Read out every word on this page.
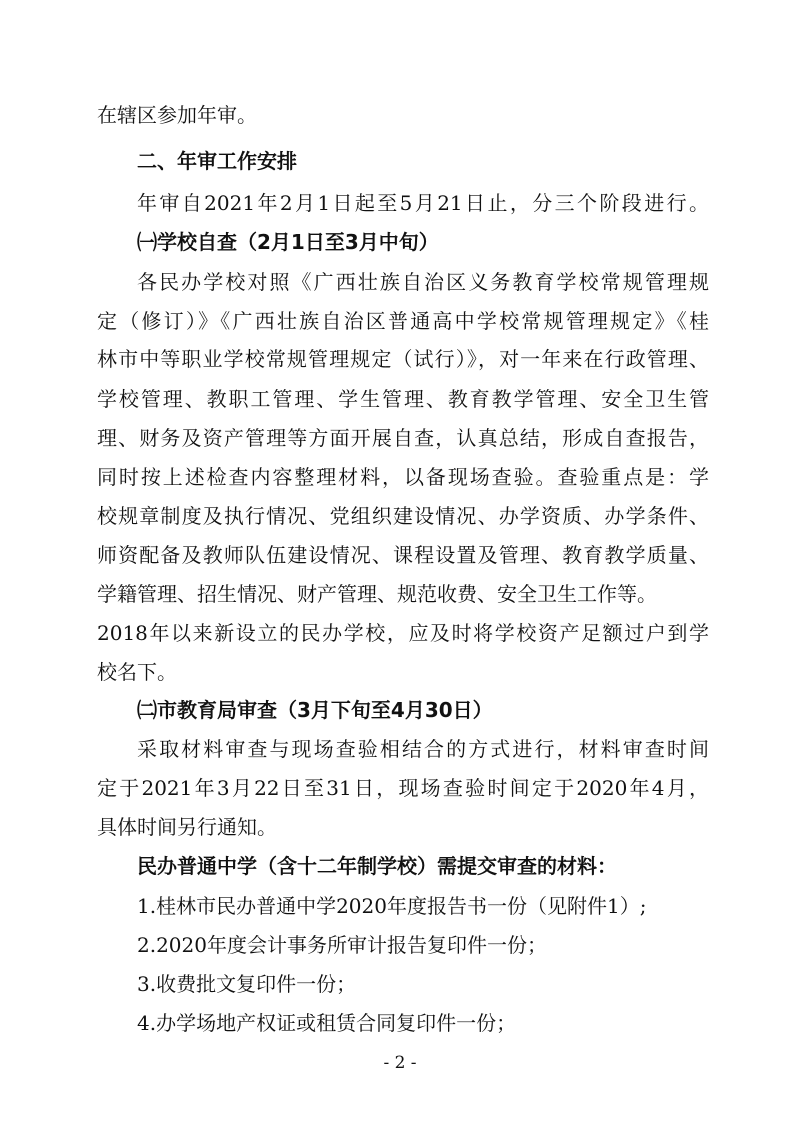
在辖区参加年审。
二、年审工作安排
年审自2021年2月1日起至5月21日止，分三个阶段进行。
㈠学校自查（2月1日至3月中旬）
各民办学校对照《广西壮族自治区义务教育学校常规管理规
定（修订）》《广西壮族自治区普通高中学校常规管理规定》《桂
林市中等职业学校常规管理规定（试行）》，对一年来在行政管理、
学校管理、教职工管理、学生管理、教育教学管理、安全卫生管
理、财务及资产管理等方面开展自查，认真总结，形成自查报告，
同时按上述检查内容整理材料，以备现场查验。查验重点是：学
校规章制度及执行情况、党组织建设情况、办学资质、办学条件、
师资配备及教师队伍建设情况、课程设置及管理、教育教学质量、
学籍管理、招生情况、财产管理、规范收费、安全卫生工作等。
2018年以来新设立的民办学校，应及时将学校资产足额过户到学
校名下。
㈡市教育局审查（3月下旬至4月30日）
采取材料审查与现场查验相结合的方式进行，材料审查时间
定于2021年3月22日至31日，现场查验时间定于2020年4月，
具体时间另行通知。
民办普通中学（含十二年制学校）需提交审查的材料：
1.桂林市民办普通中学2020年度报告书一份（见附件1）;
2.2020年度会计事务所审计报告复印件一份；
3.收费批文复印件一份；
4.办学场地产权证或租赁合同复印件一份；
- 2 -
